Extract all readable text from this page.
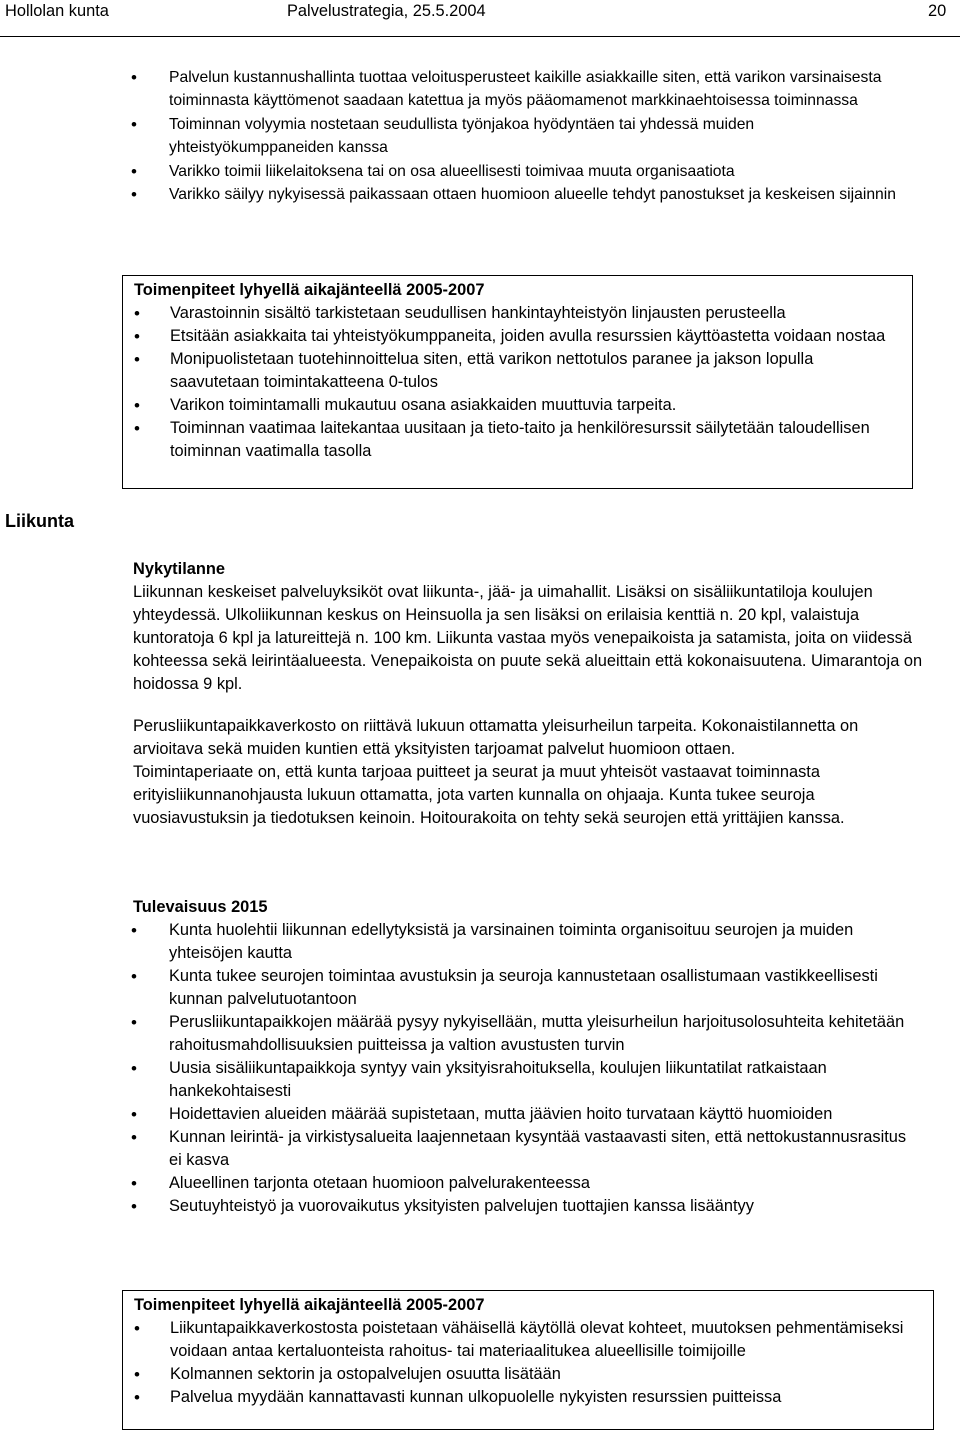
Hollolan kunta	Palvelustrategia, 25.5.2004	20
• Palvelun kustannushallinta tuottaa veloitusperusteet kaikille asiakkaille siten, että varikon varsinaisesta toiminnasta käyttömenot saadaan katettua ja myös pääomamenot markkinaehtoisessa toiminnassa
• Toiminnan volyymia nostetaan seudullista työnjakoa hyödyntäen tai yhdessä muiden yhteistyökumppaneiden kanssa
• Varikko toimii liikelaitoksena tai on osa alueellisesti toimivaa muuta organisaatiota
• Varikko säilyy nykyisessä paikassaan ottaen huomioon alueelle tehdyt panostukset ja keskeisen sijainnin
Toimenpiteet lyhyellä aikajänteellä 2005-2007
• Varastoinnin sisältö tarkistetaan seudullisen hankintayhteistyön linjausten perusteella
• Etsitään asiakkaita tai yhteistyökumppaneita, joiden avulla resurssien käyttöastetta voidaan nostaa
• Monipuolistetaan tuotehinnoittelua siten, että varikon nettotulos paranee ja jakson lopulla saavutetaan toimintakatteena 0-tulos
• Varikon toimintamalli mukautuu osana asiakkaiden muuttuvia tarpeita.
• Toiminnan vaatimaa laitekantaa uusitaan ja tieto-taito ja henkilöresurssit säilytetään taloudellisen toiminnan vaatimalla tasolla
Liikunta
Nykytilanne

Liikunnan keskeiset palveluyksiköt ovat liikunta-, jää- ja uimahallit. Lisäksi on sisäliikuntatiloja koulujen yhteydessä. Ulkoliikunnan keskus on Heinsuolla ja sen lisäksi on erilaisia kenttiä n. 20 kpl, valaistuja kuntoratoja 6 kpl ja latureittejä n. 100 km. Liikunta vastaa myös venepaikoista ja satamista, joita on viidessä kohteessa sekä leirintäalueesta. Venepaikoista on puute sekä alueittain että kokonaisuutena. Uimarantoja on hoidossa 9 kpl.

Perusliikuntapaikkaverkosto on riittävä lukuun ottamatta yleisurheilun tarpeita. Kokonaistilannetta on arvioitava sekä muiden kuntien että yksityisten tarjoamat palvelut huomioon ottaen.

Toimintaperiaate on, että kunta tarjoaa puitteet ja seurat ja muut yhteisöt vastaavat toiminnasta erityisliikunnanohjausta lukuun ottamatta, jota varten kunnalla on ohjaaja. Kunta tukee seuroja vuosiavustuksin ja tiedotuksen keinoin. Hoitourakoita on tehty sekä seurojen että yrittäjien kanssa.

Tulevaisuus 2015
• Kunta huolehtii liikunnan edellytyksistä ja varsinainen toiminta organisoituu seurojen ja muiden yhteisöjen kautta
• Kunta tukee seurojen toimintaa avustuksin ja seuroja kannustetaan osallistumaan vastikkeellisesti kunnan palvelutuotantoon
• Perusliikuntapaikkojen määrää pysyy nykyisellään, mutta yleisurheilun harjoitusolosuhteita kehitetään rahoitusmahdollisuuksien puitteissa ja valtion avustusten turvin
• Uusia sisäliikuntapaikkoja syntyy vain yksityisrahoituksella, koulujen liikuntatilat ratkaistaan hankekohtaisesti
• Hoidettavien alueiden määrää supistetaan, mutta jäävien hoito turvataan käyttö huomioiden
• Kunnan leirintä- ja virkistysalueita laajennetaan kysyntää vastaavasti siten, että nettokustannusrasitus ei kasva
• Alueellinen tarjonta otetaan huomioon palvelurakenteessa
• Seutuyhteistyö ja vuorovaikutus yksityisten palvelujen tuottajien kanssa lisääntyy
Toimenpiteet lyhyellä aikajänteellä 2005-2007
• Liikuntapaikkaverkostosta poistetaan vähäisellä käytöllä olevat kohteet, muutoksen pehmentämiseksi voidaan antaa kertaluonteista rahoitus- tai materiaalitukea alueellisille toimijoille
• Kolmannen sektorin ja ostopalvelujen osuutta lisätään
• Palvelua myydään kannattavasti kunnan ulkopuolelle nykyisten resurssien puitteissa
